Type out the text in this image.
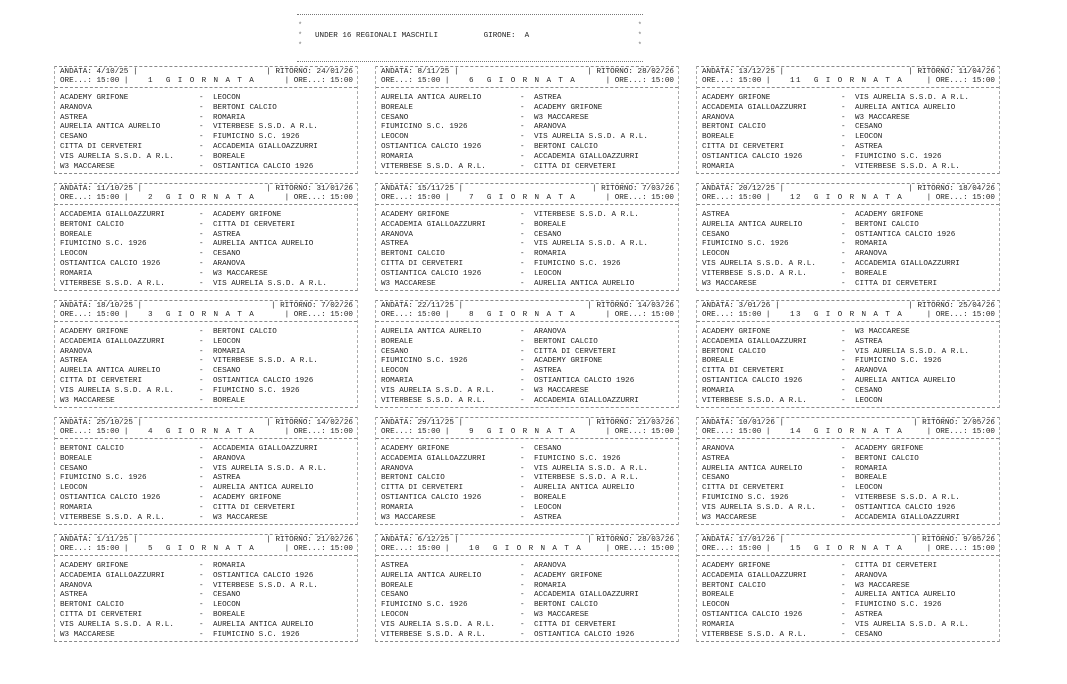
*
*
*
*
*
*
UNDER 16 REGIONALI MASCHILI	GIRONE: A
ANDATA: 4/10/25 |	| RITORNO: 24/01/26
ORE...: 15:00 |	1 G I O R N A T A	| ORE...: 15:00
ACADEMY GRIFONE	- LEOCON
ARANOVA	- BERTONI CALCIO
ASTREA	- ROMARIA
AURELIA ANTICA AURELIO	- VITERBESE S.S.D. A R.L.
CESANO	- FIUMICINO S.C. 1926
CITTA DI CERVETERI	- ACCADEMIA GIALLOAZZURRI
VIS AURELIA S.S.D. A R.L.	- BOREALE
W3 MACCARESE	- OSTIANTICA CALCIO 1926
ANDATA: 8/11/25 |	| RITORNO: 28/02/26
ORE...: 15:00 |	6 G I O R N A T A	| ORE...: 15:00
AURELIA ANTICA AURELIO	- ASTREA
BOREALE	- ACADEMY GRIFONE
CESANO	- W3 MACCARESE
FIUMICINO S.C. 1926	- ARANOVA
LEOCON	- VIS AURELIA S.S.D. A R.L.
OSTIANTICA CALCIO 1926	- BERTONI CALCIO
ROMARIA	- ACCADEMIA GIALLOAZZURRI
VITERBESE S.S.D. A R.L.	- CITTA DI CERVETERI
ANDATA: 13/12/25 |	| RITORNO: 11/04/26
ORE...: 15:00 |	11 G I O R N A T A	| ORE...: 15:00
ACADEMY GRIFONE	- VIS AURELIA S.S.D. A R.L.
ACCADEMIA GIALLOAZZURRI	- AURELIA ANTICA AURELIO
ARANOVA	- W3 MACCARESE
BERTONI CALCIO	- CESANO
BOREALE	- LEOCON
CITTA DI CERVETERI	- ASTREA
OSTIANTICA CALCIO 1926	- FIUMICINO S.C. 1926
ROMARIA	- VITERBESE S.S.D. A R.L.
ANDATA: 11/10/25 |	| RITORNO: 31/01/26
ORE...: 15:00 |	2 G I O R N A T A	| ORE...: 15:00
ACCADEMIA GIALLOAZZURRI	- ACADEMY GRIFONE
BERTONI CALCIO	- CITTA DI CERVETERI
BOREALE	- ASTREA
FIUMICINO S.C. 1926	- AURELIA ANTICA AURELIO
LEOCON	- CESANO
OSTIANTICA CALCIO 1926	- ARANOVA
ROMARIA	- W3 MACCARESE
VITERBESE S.S.D. A R.L.	- VIS AURELIA S.S.D. A R.L.
ANDATA: 15/11/25 |	| RITORNO: 7/03/26
ORE...: 15:00 |	7 G I O R N A T A	| ORE...: 15:00
ACADEMY GRIFONE	- VITERBESE S.S.D. A R.L.
ACCADEMIA GIALLOAZZURRI	- BOREALE
ARANOVA	- CESANO
ASTREA	- VIS AURELIA S.S.D. A R.L.
BERTONI CALCIO	- ROMARIA
CITTA DI CERVETERI	- FIUMICINO S.C. 1926
OSTIANTICA CALCIO 1926	- LEOCON
W3 MACCARESE	- AURELIA ANTICA AURELIO
ANDATA: 20/12/25 |	| RITORNO: 18/04/26
ORE...: 15:00 |	12 G I O R N A T A	| ORE...: 15:00
ASTREA	- ACADEMY GRIFONE
AURELIA ANTICA AURELIO	- BERTONI CALCIO
CESANO	- OSTIANTICA CALCIO 1926
FIUMICINO S.C. 1926	- ROMARIA
LEOCON	- ARANOVA
VIS AURELIA S.S.D. A R.L.	- ACCADEMIA GIALLOAZZURRI
VITERBESE S.S.D. A R.L.	- BOREALE
W3 MACCARESE	- CITTA DI CERVETERI
ANDATA: 18/10/25 |	| RITORNO: 7/02/26
ORE...: 15:00 |	3 G I O R N A T A	| ORE...: 15:00
ACADEMY GRIFONE	- BERTONI CALCIO
ACCADEMIA GIALLOAZZURRI	- LEOCON
ARANOVA	- ROMARIA
ASTREA	- VITERBESE S.S.D. A R.L.
AURELIA ANTICA AURELIO	- CESANO
CITTA DI CERVETERI	- OSTIANTICA CALCIO 1926
VIS AURELIA S.S.D. A R.L.	- FIUMICINO S.C. 1926
W3 MACCARESE	- BOREALE
ANDATA: 22/11/25 |	| RITORNO: 14/03/26
ORE...: 15:00 |	8 G I O R N A T A	| ORE...: 15:00
AURELIA ANTICA AURELIO	- ARANOVA
BOREALE	- BERTONI CALCIO
CESANO	- CITTA DI CERVETERI
FIUMICINO S.C. 1926	- ACADEMY GRIFONE
LEOCON	- ASTREA
ROMARIA	- OSTIANTICA CALCIO 1926
VIS AURELIA S.S.D. A R.L.	- W3 MACCARESE
VITERBESE S.S.D. A R.L.	- ACCADEMIA GIALLOAZZURRI
ANDATA: 3/01/26 |	| RITORNO: 25/04/26
ORE...: 15:00 |	13 G I O R N A T A	| ORE...: 15:00
ACADEMY GRIFONE	- W3 MACCARESE
ACCADEMIA GIALLOAZZURRI	- ASTREA
BERTONI CALCIO	- VIS AURELIA S.S.D. A R.L.
BOREALE	- FIUMICINO S.C. 1926
CITTA DI CERVETERI	- ARANOVA
OSTIANTICA CALCIO 1926	- AURELIA ANTICA AURELIO
ROMARIA	- CESANO
VITERBESE S.S.D. A R.L.	- LEOCON
ANDATA: 25/10/25 |	| RITORNO: 14/02/26
ORE...: 15:00 |	4 G I O R N A T A	| ORE...: 15:00
BERTONI CALCIO	- ACCADEMIA GIALLOAZZURRI
BOREALE	- ARANOVA
CESANO	- VIS AURELIA S.S.D. A R.L.
FIUMICINO S.C. 1926	- ASTREA
LEOCON	- AURELIA ANTICA AURELIO
OSTIANTICA CALCIO 1926	- ACADEMY GRIFONE
ROMARIA	- CITTA DI CERVETERI
VITERBESE S.S.D. A R.L.	- W3 MACCARESE
ANDATA: 29/11/25 |	| RITORNO: 21/03/26
ORE...: 15:00 |	9 G I O R N A T A	| ORE...: 15:00
ACADEMY GRIFONE	- CESANO
ACCADEMIA GIALLOAZZURRI	- FIUMICINO S.C. 1926
ARANOVA	- VIS AURELIA S.S.D. A R.L.
BERTONI CALCIO	- VITERBESE S.S.D. A R.L.
CITTA DI CERVETERI	- AURELIA ANTICA AURELIO
OSTIANTICA CALCIO 1926	- BOREALE
ROMARIA	- LEOCON
W3 MACCARESE	- ASTREA
ANDATA: 10/01/26 |	| RITORNO: 2/05/26
ORE...: 15:00 |	14 G I O R N A T A	| ORE...: 15:00
ARANOVA	- ACADEMY GRIFONE
ASTREA	- BERTONI CALCIO
AURELIA ANTICA AURELIO	- ROMARIA
CESANO	- BOREALE
CITTA DI CERVETERI	- LEOCON
FIUMICINO S.C. 1926	- VITERBESE S.S.D. A R.L.
VIS AURELIA S.S.D. A R.L.	- OSTIANTICA CALCIO 1926
W3 MACCARESE	- ACCADEMIA GIALLOAZZURRI
ANDATA: 1/11/25 |	| RITORNO: 21/02/26
ORE...: 15:00 |	5 G I O R N A T A	| ORE...: 15:00
ACADEMY GRIFONE	- ROMARIA
ACCADEMIA GIALLOAZZURRI	- OSTIANTICA CALCIO 1926
ARANOVA	- VITERBESE S.S.D. A R.L.
ASTREA	- CESANO
BERTONI CALCIO	- LEOCON
CITTA DI CERVETERI	- BOREALE
VIS AURELIA S.S.D. A R.L.	- AURELIA ANTICA AURELIO
W3 MACCARESE	- FIUMICINO S.C. 1926
ANDATA: 6/12/25 |	| RITORNO: 28/03/26
ORE...: 15:00 |	10 G I O R N A T A	| ORE...: 15:00
ASTREA	- ARANOVA
AURELIA ANTICA AURELIO	- ACADEMY GRIFONE
BOREALE	- ROMARIA
CESANO	- ACCADEMIA GIALLOAZZURRI
FIUMICINO S.C. 1926	- BERTONI CALCIO
LEOCON	- W3 MACCARESE
VIS AURELIA S.S.D. A R.L.	- CITTA DI CERVETERI
VITERBESE S.S.D. A R.L.	- OSTIANTICA CALCIO 1926
ANDATA: 17/01/26 |	| RITORNO: 9/05/26
ORE...: 15:00 |	15 G I O R N A T A	| ORE...: 15:00
ACADEMY GRIFONE	- CITTA DI CERVETERI
ACCADEMIA GIALLOAZZURRI	- ARANOVA
BERTONI CALCIO	- W3 MACCARESE
BOREALE	- AURELIA ANTICA AURELIO
LEOCON	- FIUMICINO S.C. 1926
OSTIANTICA CALCIO 1926	- ASTREA
ROMARIA	- VIS AURELIA S.S.D. A R.L.
VITERBESE S.S.D. A R.L.	- CESANO
